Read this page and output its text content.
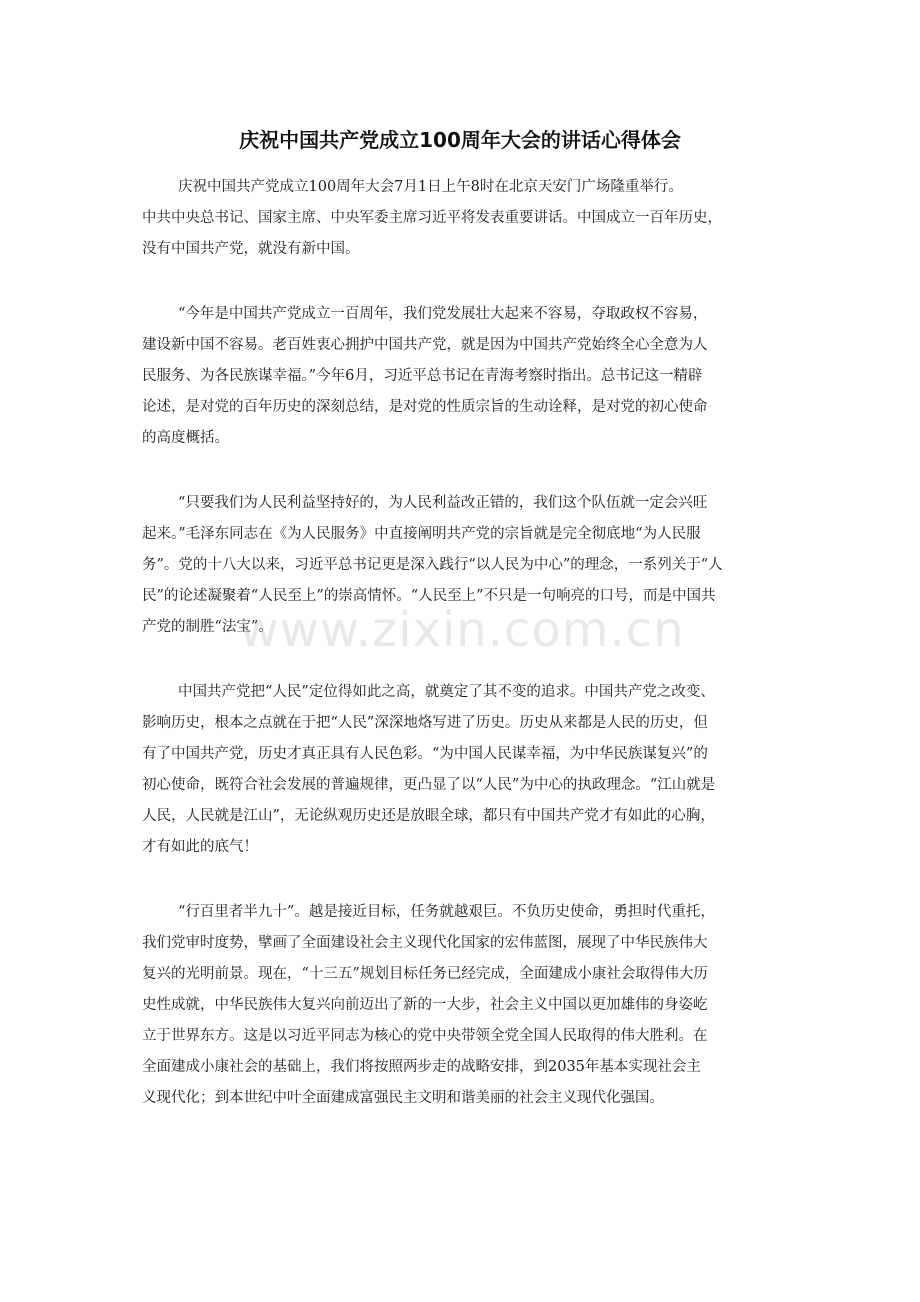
庆祝中国共产党成立100周年大会的讲话心得体会

庆祝中国共产党成立100周年大会7月1日上午8时在北京天安门广场隆重举行。
中共中央总书记、国家主席、中央军委主席习近平将发表重要讲话。中国成立一百年历史，
没有中国共产党，就没有新中国。

“今年是中国共产党成立一百周年，我们党发展壮大起来不容易，夺取政权不容易，
建设新中国不容易。老百姓衷心拥护中国共产党，就是因为中国共产党始终全心全意为人
民服务、为各民族谋幸福。”今年6月，习近平总书记在青海考察时指出。总书记这一精辟
论述，是对党的百年历史的深刻总结，是对党的性质宗旨的生动诠释，是对党的初心使命
的高度概括。

“只要我们为人民利益坚持好的，为人民利益改正错的，我们这个队伍就一定会兴旺
起来。”毛泽东同志在《为人民服务》中直接阐明共产党的宗旨就是完全彻底地“为人民服
务”。党的十八大以来，习近平总书记更是深入践行“以人民为中心”的理念，一系列关于“人
民”的论述凝聚着“人民至上”的崇高情怀。“人民至上”不只是一句响亮的口号，而是中国共
产党的制胜“法宝”。

中国共产党把“人民”定位得如此之高，就奠定了其不变的追求。中国共产党之改变、
影响历史，根本之点就在于把“人民”深深地烙写进了历史。历史从来都是人民的历史，但
有了中国共产党，历史才真正具有人民色彩。“为中国人民谋幸福，为中华民族谋复兴”的
初心使命，既符合社会发展的普遍规律，更凸显了以“人民”为中心的执政理念。“江山就是
人民，人民就是江山”，无论纵观历史还是放眼全球，都只有中国共产党才有如此的心胸，
才有如此的底气！

“行百里者半九十”。越是接近目标，任务就越艰巨。不负历史使命，勇担时代重托，
我们党审时度势，擘画了全面建设社会主义现代化国家的宏伟蓝图，展现了中华民族伟大
复兴的光明前景。现在，“十三五”规划目标任务已经完成，全面建成小康社会取得伟大历
史性成就，中华民族伟大复兴向前迈出了新的一大步，社会主义中国以更加雄伟的身姿屹
立于世界东方。这是以习近平同志为核心的党中央带领全党全国人民取得的伟大胜利。在
全面建成小康社会的基础上，我们将按照两步走的战略安排，到2035年基本实现社会主
义现代化；到本世纪中叶全面建成富强民主文明和谐美丽的社会主义现代化强国。

www.zixin.com.cn
